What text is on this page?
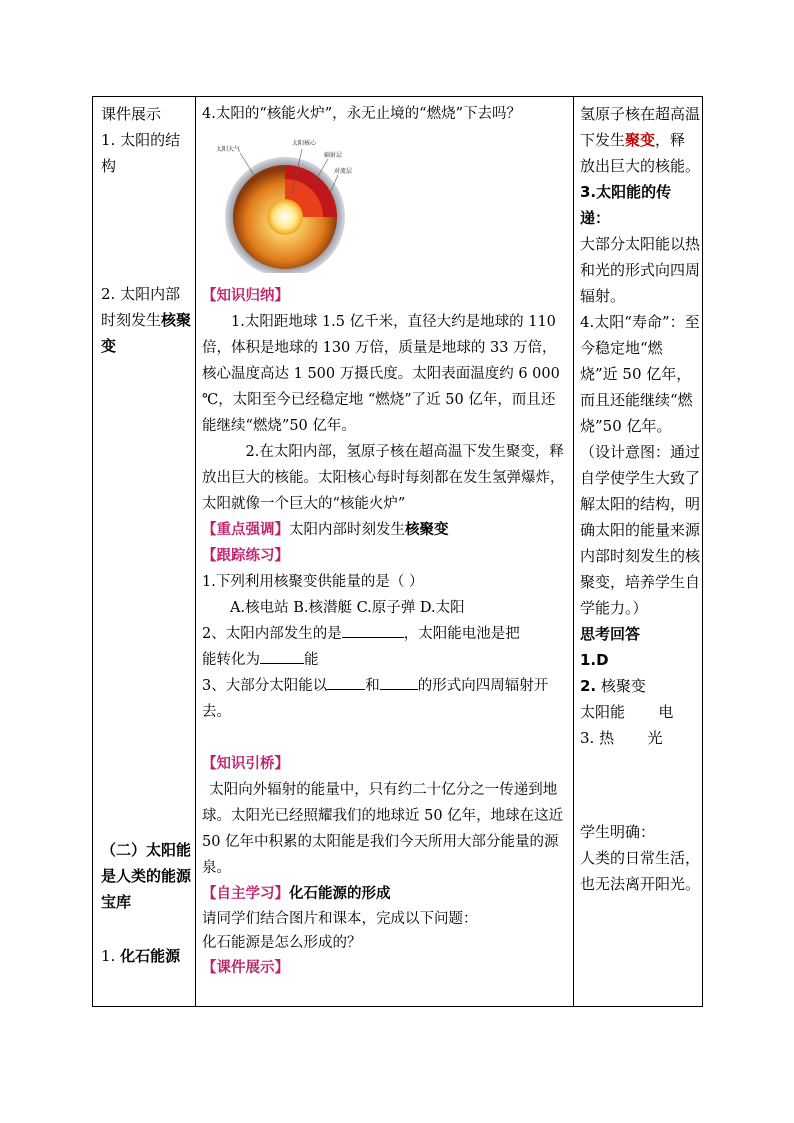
课件展示

1. 太阳的结构

2. 太阳内部时刻发生核聚变

（二）太阳能是人类的能源宝库

1. 化石能源

4.太阳的“核能火炉”，永无止境的“燃烧”下去吗？

太阳大气
太阳核心
辐射层
对流层

【知识归纳】

1.太阳距地球 1.5 亿千米，直径大约是地球的 110 倍，体积是地球的 130 万倍，质量是地球的 33 万倍，核心温度高达 1 500 万摄氏度。太阳表面温度约 6 000 ℃，太阳至今已经稳定地 “燃烧”了近 50 亿年，而且还能继续“燃烧”50 亿年。

2.在太阳内部，氢原子核在超高温下发生聚变，释放出巨大的核能。太阳核心每时每刻都在发生氢弹爆炸，太阳就像一个巨大的“核能火炉”

【重点强调】太阳内部时刻发生核聚变

【跟踪练习】

1.下列利用核聚变供能量的是（ ）

A.核电站 B.核潜艇 C.原子弹 D.太阳

2、太阳内部发生的是	，太阳能电池是把
能转化为	能

3、大部分太阳能以	和	的形式向四周辐射开去。

【知识引桥】

太阳向外辐射的能量中，只有约二十亿分之一传递到地球。太阳光已经照耀我们的地球近 50 亿年，地球在这近 50 亿年中积累的太阳能是我们今天所用大部分能量的源泉。

【自主学习】化石能源的形成

请同学们结合图片和课本，完成以下问题：

化石能源是怎么形成的？

【课件展示】

氢原子核在超高温下发生聚变，释放出巨大的核能。

3.太阳能的传递：

大部分太阳能以热和光的形式向四周辐射。

4.太阳“寿命”：至今稳定地“燃烧”近 50 亿年，而且还能继续“燃烧”50 亿年。

（设计意图：通过自学使学生大致了解太阳的结构，明确太阳的能量来源内部时刻发生的核聚变，培养学生自学能力。）

思考回答

1.D

2. 核聚变

太阳能       电

3. 热       光

学生明确：

人类的日常生活，也无法离开阳光。
